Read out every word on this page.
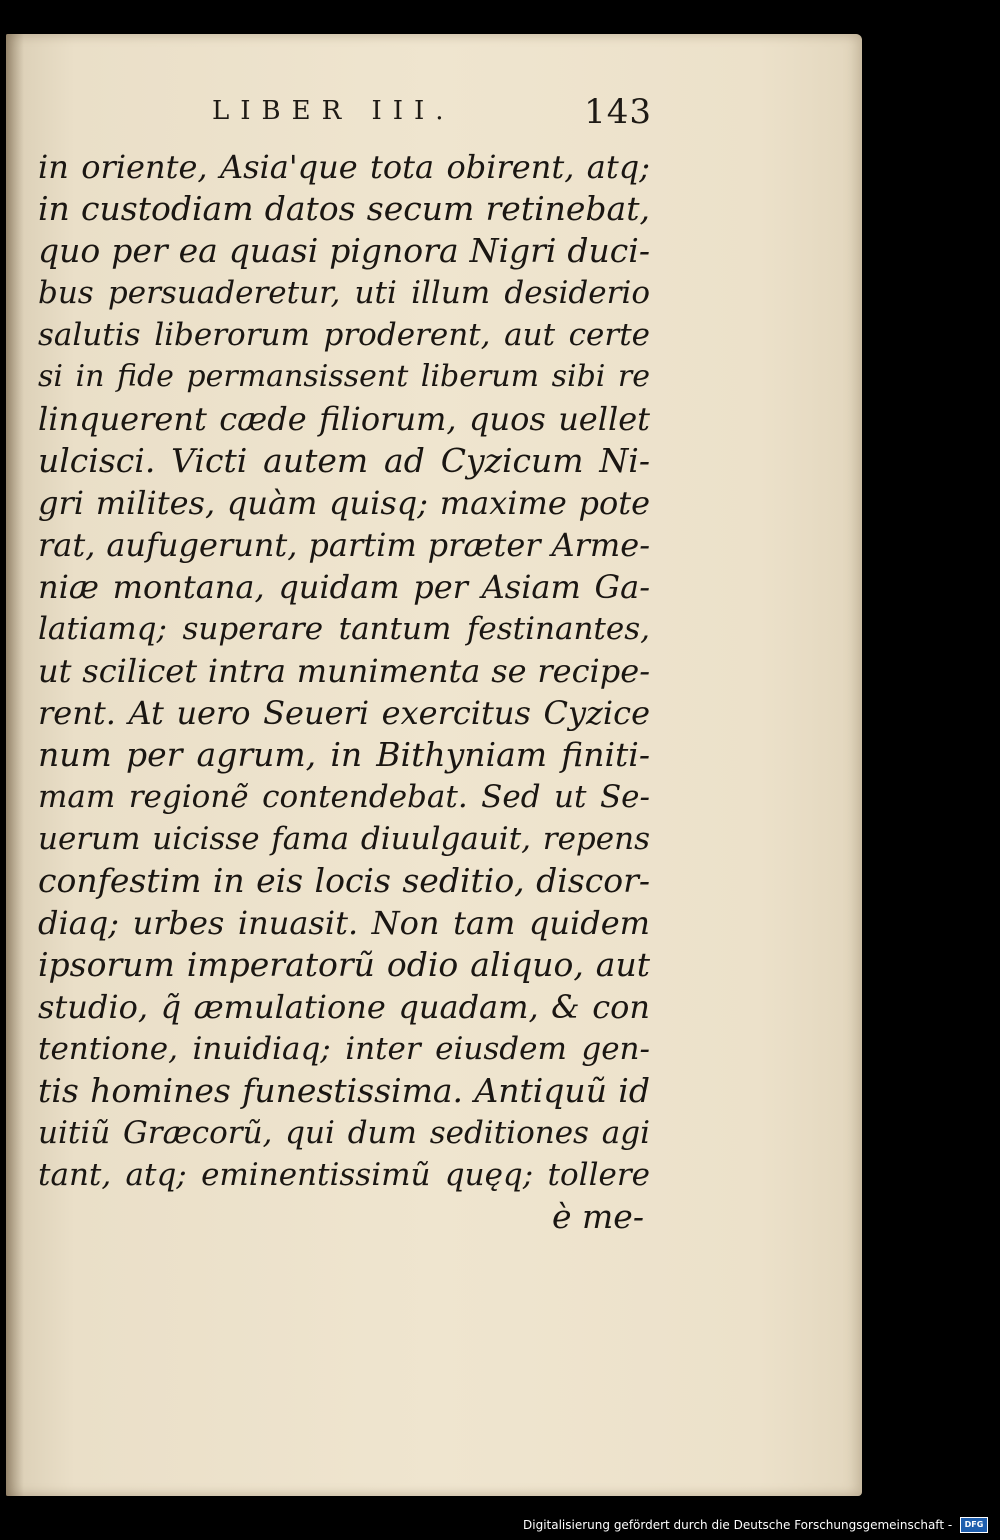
LIBER III.	143
in oriente, Asia'que tota obirent, atq;
in custodiam datos secum retinebat,
quo per ea quasi pignora Nigri duci-
bus persuaderetur, uti illum desiderio
salutis liberorum proderent, aut certe
si in fide permansissent liberum sibi re
linquerent cæde filiorum, quos uellet
ulcisci. Victi autem ad Cyzicum Ni-
gri milites, quàm quisq; maxime pote
rat, aufugerunt, partim præter Arme-
niæ montana, quidam per Asiam Ga-
latiamq; superare tantum festinantes,
ut scilicet intra munimenta se recipe-
rent. At uero Seueri exercitus Cyzice
num per agrum, in Bithyniam finiti-
mam regionẽ contendebat. Sed ut Se-
uerum uicisse fama diuulgauit, repens
confestim in eis locis seditio, discor-
diaq; urbes inuasit. Non tam quidem
ipsorum imperatorũ odio aliquo, aut
studio, q̃ æmulatione quadam, & con
tentione, inuidiaq; inter eiusdem gen-
tis homines funestissima. Antiquũ id
uitiũ Græcorũ, qui dum seditiones agi
tant, atq; eminentissimũ quęq; tollere
è me-
Digitalisierung gefördert durch die Deutsche Forschungsgemeinschaft - DFG
